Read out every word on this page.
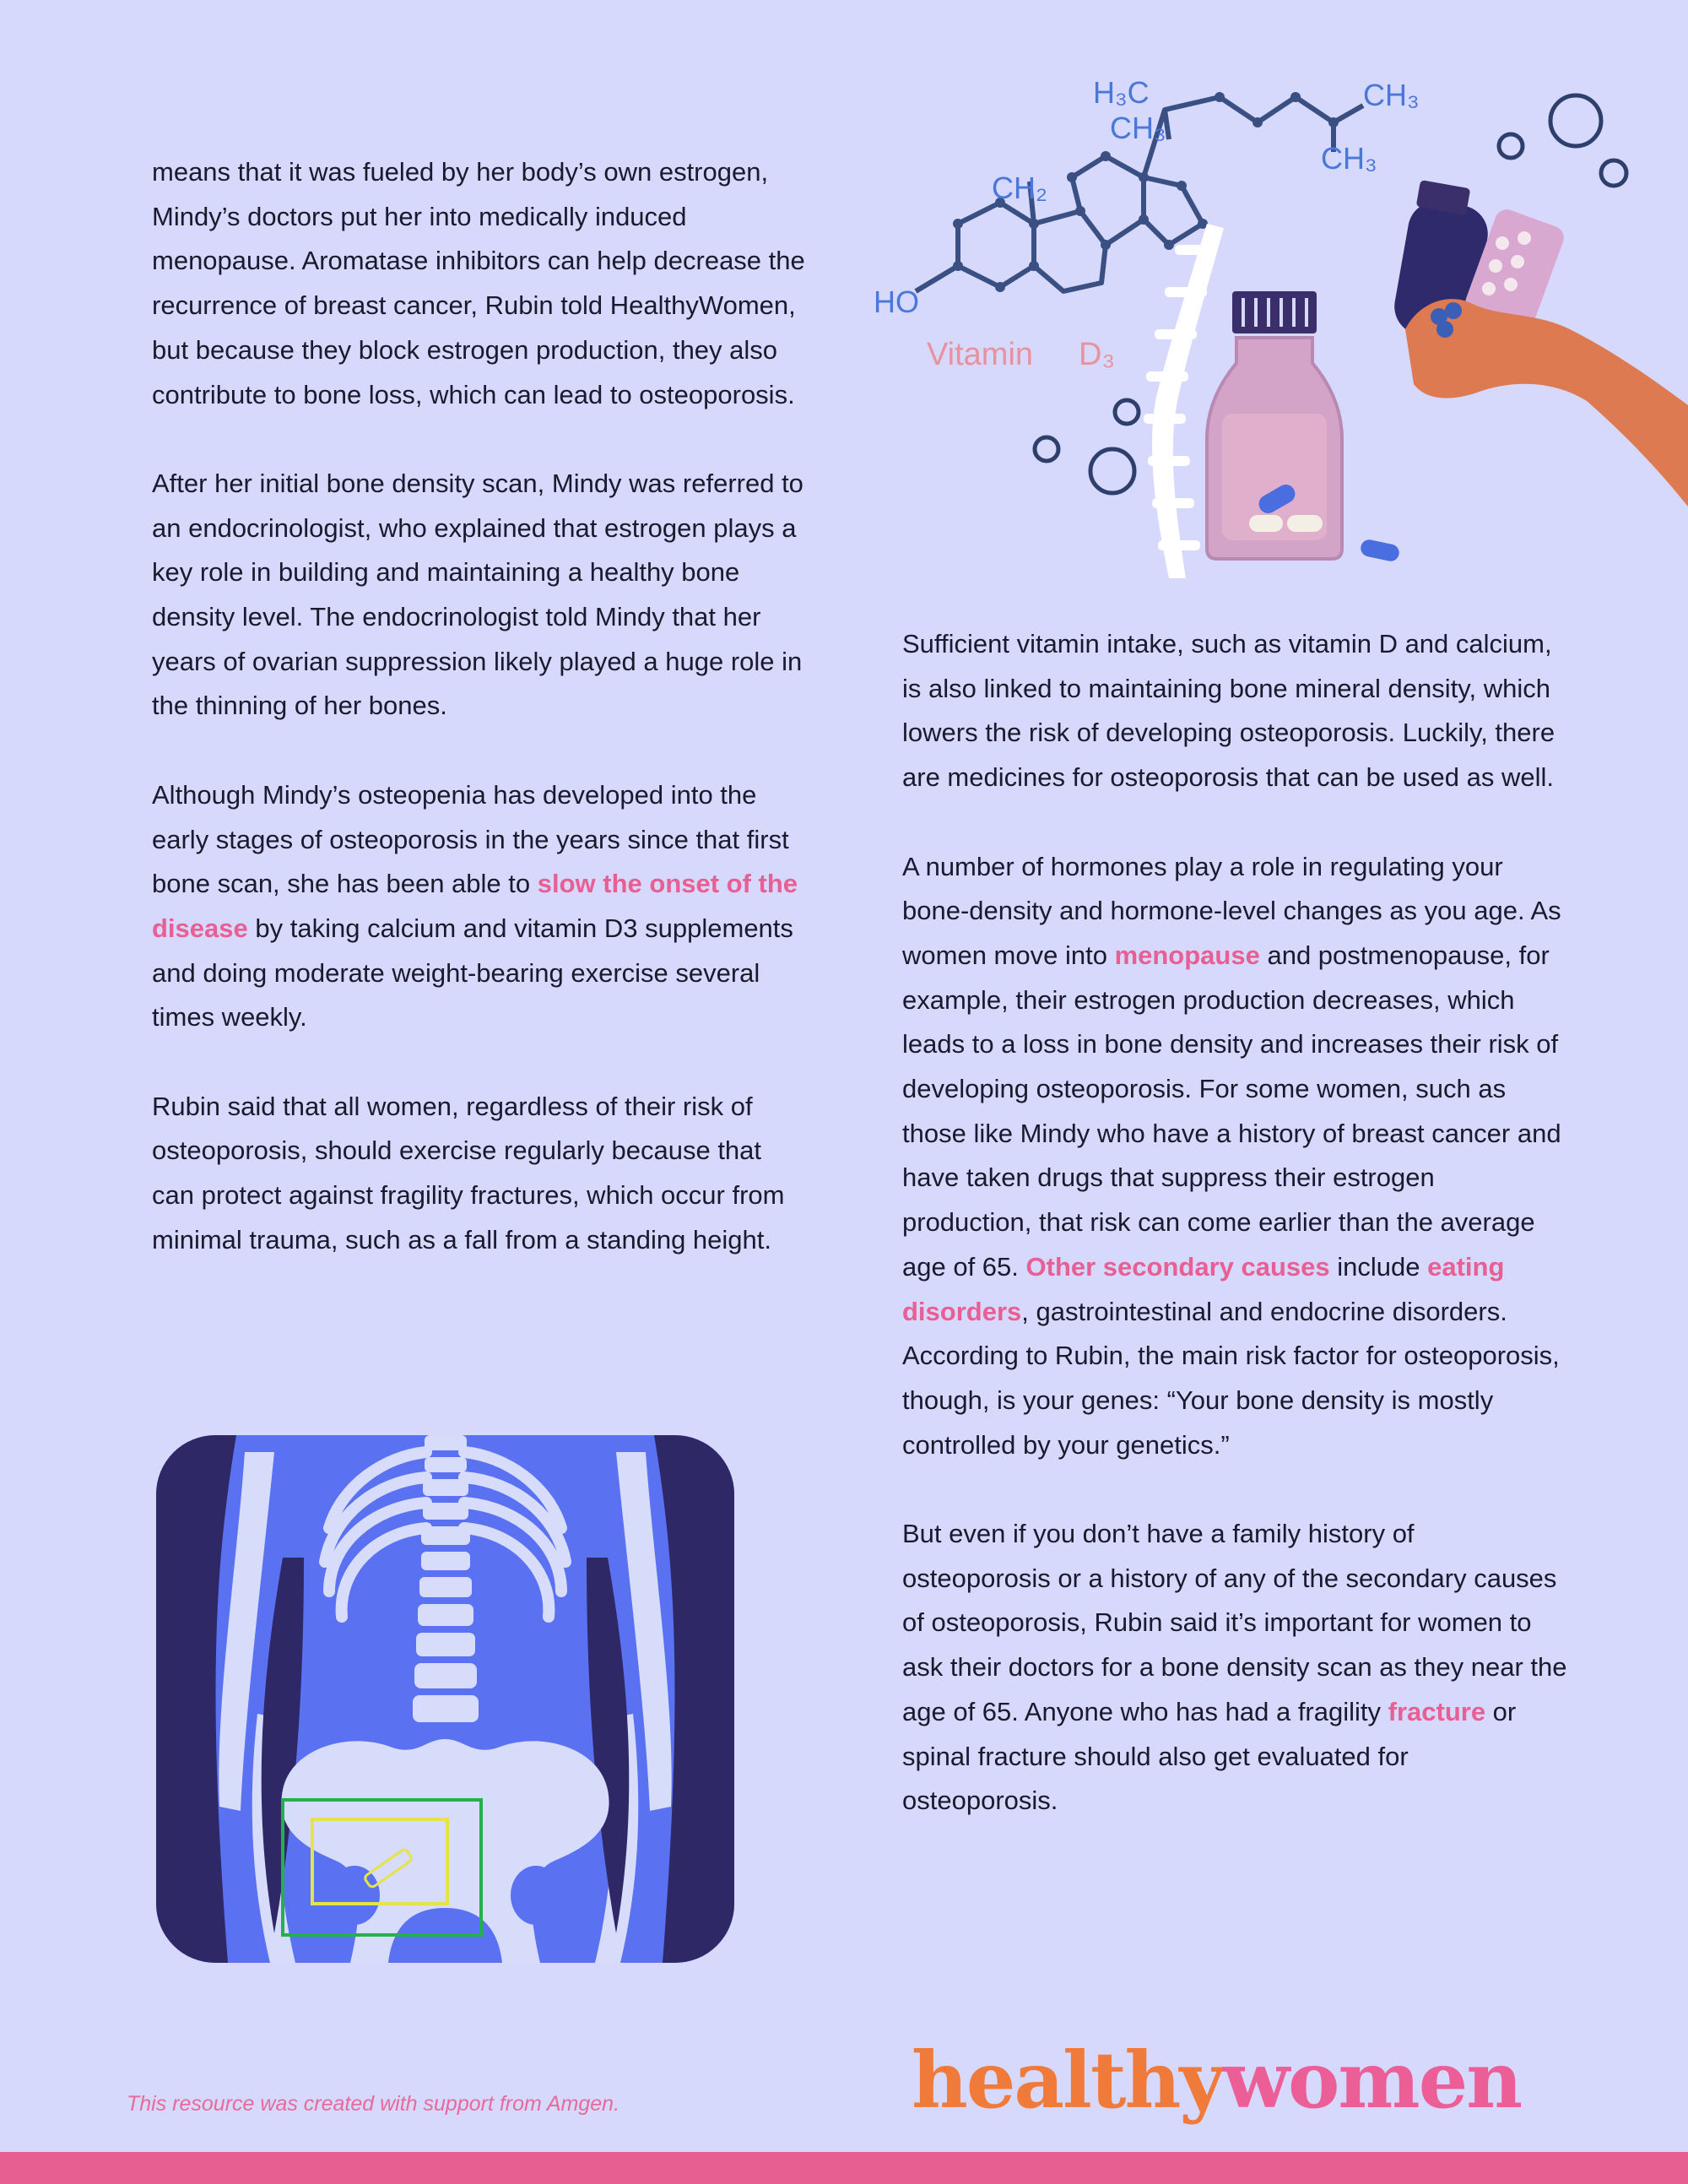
means that it was fueled by her body’s own estrogen, Mindy’s doctors put her into medically induced menopause. Aromatase inhibitors can help decrease the recurrence of breast cancer, Rubin told HealthyWomen, but because they block estrogen production, they also contribute to bone loss, which can lead to osteoporosis.

After her initial bone density scan, Mindy was referred to an endocrinologist, who explained that estrogen plays a key role in building and maintaining a healthy bone density level. The endocrinologist told Mindy that her years of ovarian suppression likely played a huge role in the thinning of her bones.

Although Mindy’s osteopenia has developed into the early stages of osteoporosis in the years since that first bone scan, she has been able to slow the onset of the disease by taking calcium and vitamin D3 supplements and doing moderate weight-bearing exercise several times weekly.

Rubin said that all women, regardless of their risk of osteoporosis, should exercise regularly because that can protect against fragility fractures, which occur from minimal trauma, such as a fall from a standing height.

Sufficient vitamin intake, such as vitamin D and calcium, is also linked to maintaining bone mineral density, which lowers the risk of developing osteoporosis. Luckily, there are medicines for osteoporosis that can be used as well.

A number of hormones play a role in regulating your bone-density and hormone-level changes as you age. As women move into menopause and postmenopause, for example, their estrogen production decreases, which leads to a loss in bone density and increases their risk of developing osteoporosis. For some women, such as those like Mindy who have a history of breast cancer and have taken drugs that suppress their estrogen production, that risk can come earlier than the average age of 65. Other secondary causes include eating disorders, gastrointestinal and endocrine disorders. According to Rubin, the main risk factor for osteoporosis, though, is your genes: “Your bone density is mostly controlled by your genetics.”

But even if you don’t have a family history of osteoporosis or a history of any of the secondary causes of osteoporosis, Rubin said it’s important for women to ask their doctors for a bone density scan as they near the age of 65. Anyone who has had a fragility fracture or spinal fracture should also get evaluated for osteoporosis.

H₃C
CH₃
CH₃
CH₃
CH₂
HO
Vitamin D₃
This resource was created with support from Amgen.	healthywomen
